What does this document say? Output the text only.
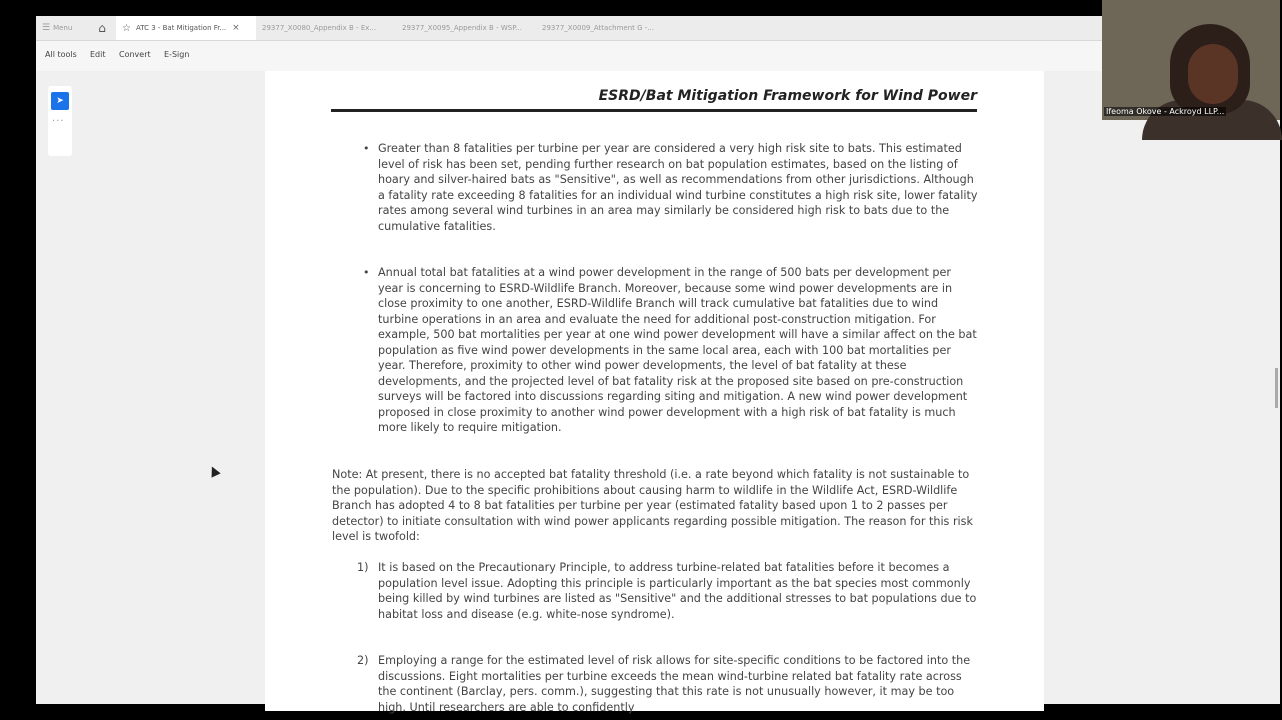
☰ Menu ⌂ ☆ ATC 3 - Bat Mitigation Fr... ×	29377_X0080_Appendix B - Ex...	29377_X0095_Appendix B - WSP...	29377_X0009_Attachment G -...
All tools Edit Convert E-Sign
➤
···
ESRD/Bat Mitigation Framework for Wind Power
• Greater than 8 fatalities per turbine per year are considered a very high risk site to bats. This estimated level of risk has been set, pending further research on bat population estimates, based on the listing of hoary and silver-haired bats as "Sensitive", as well as recommendations from other jurisdictions. Although a fatality rate exceeding 8 fatalities for an individual wind turbine constitutes a high risk site, lower fatality rates among several wind turbines in an area may similarly be considered high risk to bats due to the cumulative fatalities.
• Annual total bat fatalities at a wind power development in the range of 500 bats per development per year is concerning to ESRD-Wildlife Branch. Moreover, because some wind power developments are in close proximity to one another, ESRD-Wildlife Branch will track cumulative bat fatalities due to wind turbine operations in an area and evaluate the need for additional post-construction mitigation. For example, 500 bat mortalities per year at one wind power development will have a similar affect on the bat population as five wind power developments in the same local area, each with 100 bat mortalities per year. Therefore, proximity to other wind power developments, the level of bat fatality at these developments, and the projected level of bat fatality risk at the proposed site based on pre-construction surveys will be factored into discussions regarding siting and mitigation. A new wind power development proposed in close proximity to another wind power development with a high risk of bat fatality is much more likely to require mitigation.
Note: At present, there is no accepted bat fatality threshold (i.e. a rate beyond which fatality is not sustainable to the population). Due to the specific prohibitions about causing harm to wildlife in the Wildlife Act, ESRD-Wildlife Branch has adopted 4 to 8 bat fatalities per turbine per year (estimated fatality based upon 1 to 2 passes per detector) to initiate consultation with wind power applicants regarding possible mitigation. The reason for this risk level is twofold:
1) It is based on the Precautionary Principle, to address turbine-related bat fatalities before it becomes a population level issue. Adopting this principle is particularly important as the bat species most commonly being killed by wind turbines are listed as "Sensitive" and the additional stresses to bat populations due to habitat loss and disease (e.g. white-nose syndrome).
2) Employing a range for the estimated level of risk allows for site-specific conditions to be factored into the discussions. Eight mortalities per turbine exceeds the mean wind-turbine related bat fatality rate across the continent (Barclay, pers. comm.), suggesting that this rate is not unusually however, it may be too high. Until researchers are able to confidently
Ifeoma Okove - Ackroyd LLP...
